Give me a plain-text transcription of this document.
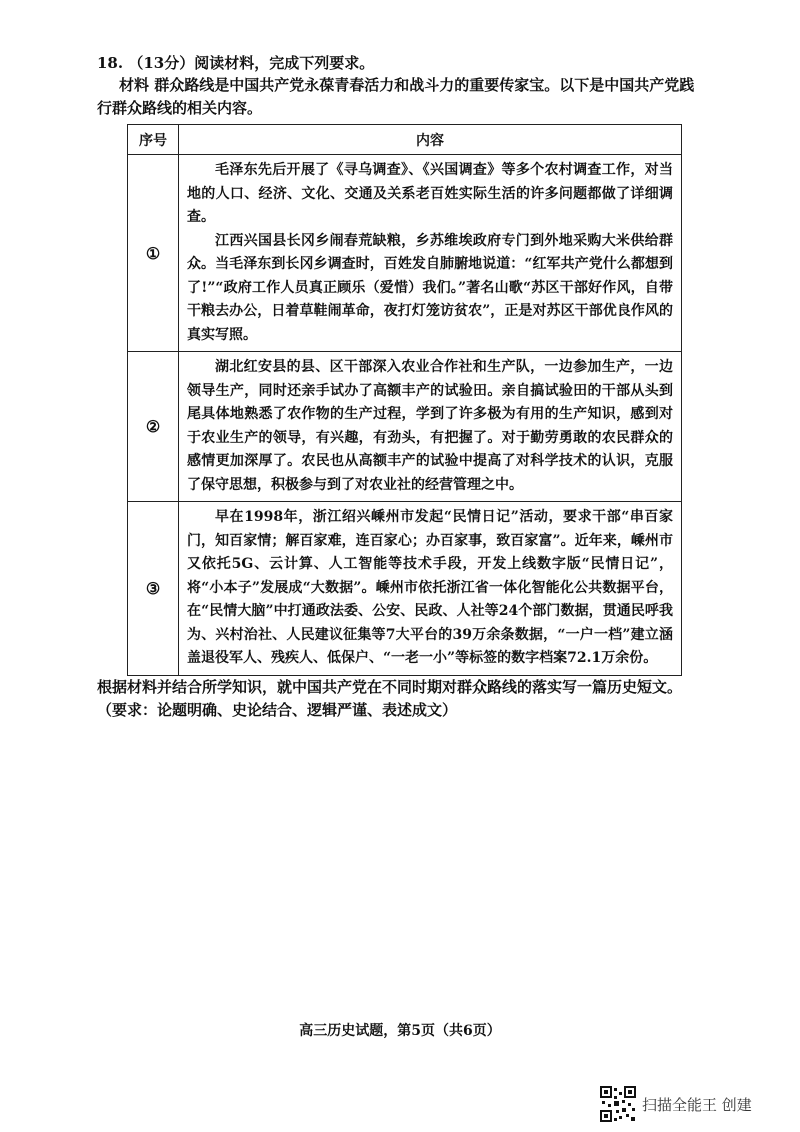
18. （13分）阅读材料，完成下列要求。
材料 群众路线是中国共产党永葆青春活力和战斗力的重要传家宝。以下是中国共产党践行群众路线的相关内容。
序号	内容
①	毛泽东先后开展了《寻乌调查》、《兴国调查》等多个农村调查工作，对当地的人口、经济、文化、交通及关系老百姓实际生活的许多问题都做了详细调查。

江西兴国县长冈乡闹春荒缺粮，乡苏维埃政府专门到外地采购大米供给群众。当毛泽东到长冈乡调查时，百姓发自肺腑地说道：“红军共产党什么都想到了!”“政府工作人员真正顾乐（爱惜）我们。”著名山歌“苏区干部好作风，自带干粮去办公，日着草鞋闹革命，夜打灯笼访贫农”，正是对苏区干部优良作风的真实写照。

②	湖北红安县的县、区干部深入农业合作社和生产队，一边参加生产，一边领导生产，同时还亲手试办了高额丰产的试验田。亲自搞试验田的干部从头到尾具体地熟悉了农作物的生产过程，学到了许多极为有用的生产知识，感到对于农业生产的领导，有兴趣，有劲头，有把握了。对于勤劳勇敢的农民群众的感情更加深厚了。农民也从高额丰产的试验中提高了对科学技术的认识，克服了保守思想，积极参与到了对农业社的经营管理之中。

③	早在1998年，浙江绍兴嵊州市发起“民情日记”活动，要求干部“串百家门，知百家情；解百家难，连百家心；办百家事，致百家富”。近年来，嵊州市又依托5G、云计算、人工智能等技术手段，开发上线数字版“民情日记”，将“小本子”发展成“大数据”。嵊州市依托浙江省一体化智能化公共数据平台，在“民情大脑”中打通政法委、公安、民政、人社等24个部门数据，贯通民呼我为、兴村治社、人民建议征集等7大平台的39万余条数据，“一户一档”建立涵盖退役军人、残疾人、低保户、“一老一小”等标签的数字档案72.1万余份。

根据材料并结合所学知识，就中国共产党在不同时期对群众路线的落实写一篇历史短文。

（要求：论题明确、史论结合、逻辑严谨、表述成文）

高三历史试题，第5页（共6页）
扫描全能王 创建
